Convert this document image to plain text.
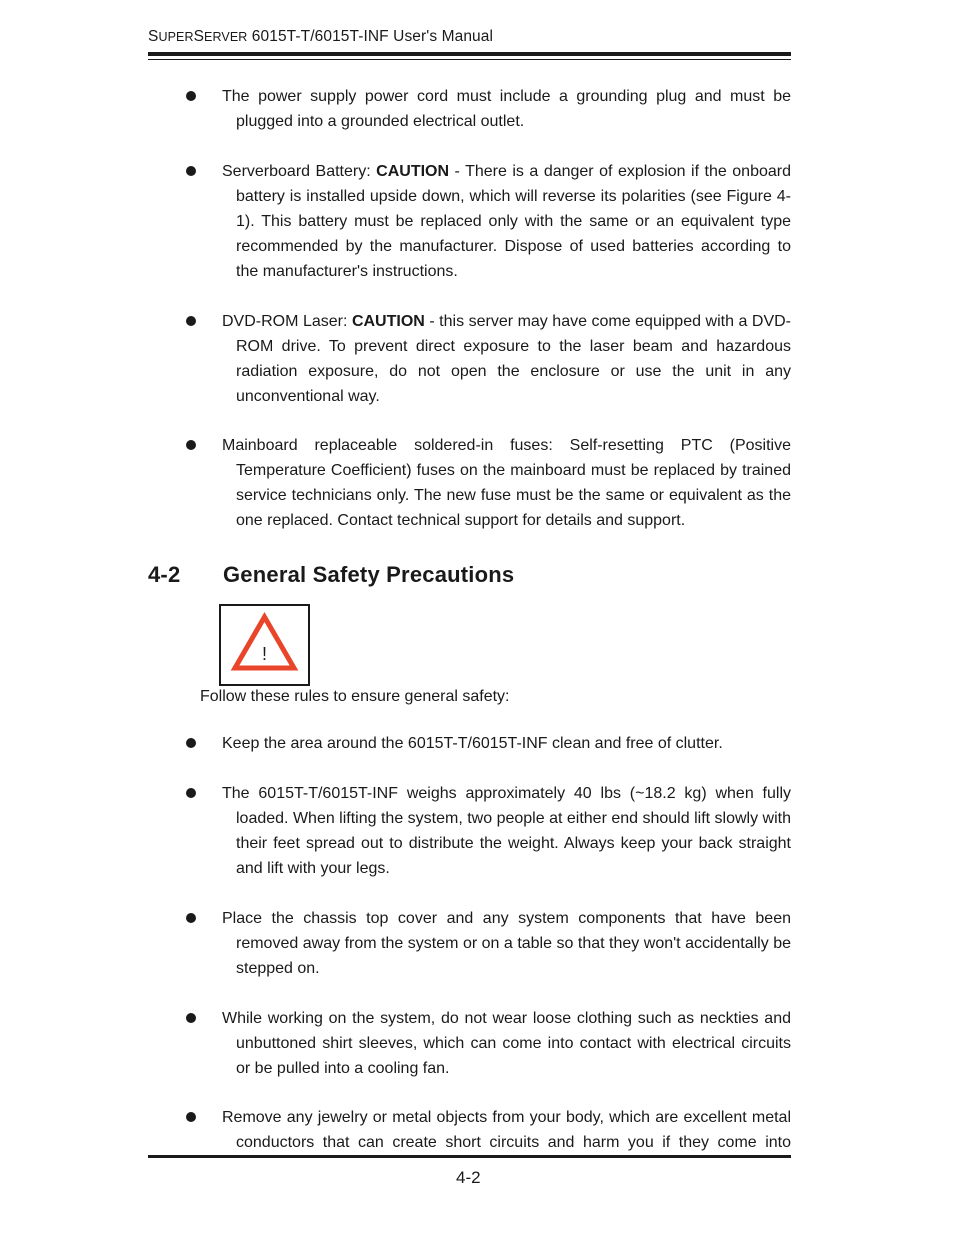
SUPERSERVER 6015T-T/6015T-INF User's Manual
The power supply power cord must include a grounding plug and must be plugged into a grounded electrical outlet.
Serverboard Battery: CAUTION - There is a danger of explosion if the onboard battery is installed upside down, which will reverse its polarities (see Figure 4-1). This battery must be replaced only with the same or an equivalent type recommended by the manufacturer. Dispose of used batteries according to the manufacturer's instructions.
DVD-ROM Laser: CAUTION - this server may have come equipped with a DVD-ROM drive. To prevent direct exposure to the laser beam and hazardous radiation exposure, do not open the enclosure or use the unit in any unconventional way.
Mainboard replaceable soldered-in fuses: Self-resetting PTC (Positive Temperature Coefficient) fuses on the mainboard must be replaced by trained service technicians only. The new fuse must be the same or equivalent as the one replaced. Contact technical support for details and support.
4-2 General Safety Precautions
!
Follow these rules to ensure general safety:
Keep the area around the 6015T-T/6015T-INF clean and free of clutter.
The 6015T-T/6015T-INF weighs approximately 40 lbs (~18.2 kg) when fully loaded. When lifting the system, two people at either end should lift slowly with their feet spread out to distribute the weight. Always keep your back straight and lift with your legs.
Place the chassis top cover and any system components that have been removed away from the system or on a table so that they won't accidentally be stepped on.
While working on the system, do not wear loose clothing such as neckties and unbuttoned shirt sleeves, which can come into contact with electrical circuits or be pulled into a cooling fan.
Remove any jewelry or metal objects from your body, which are excellent metal conductors that can create short circuits and harm you if they come into
4-2
